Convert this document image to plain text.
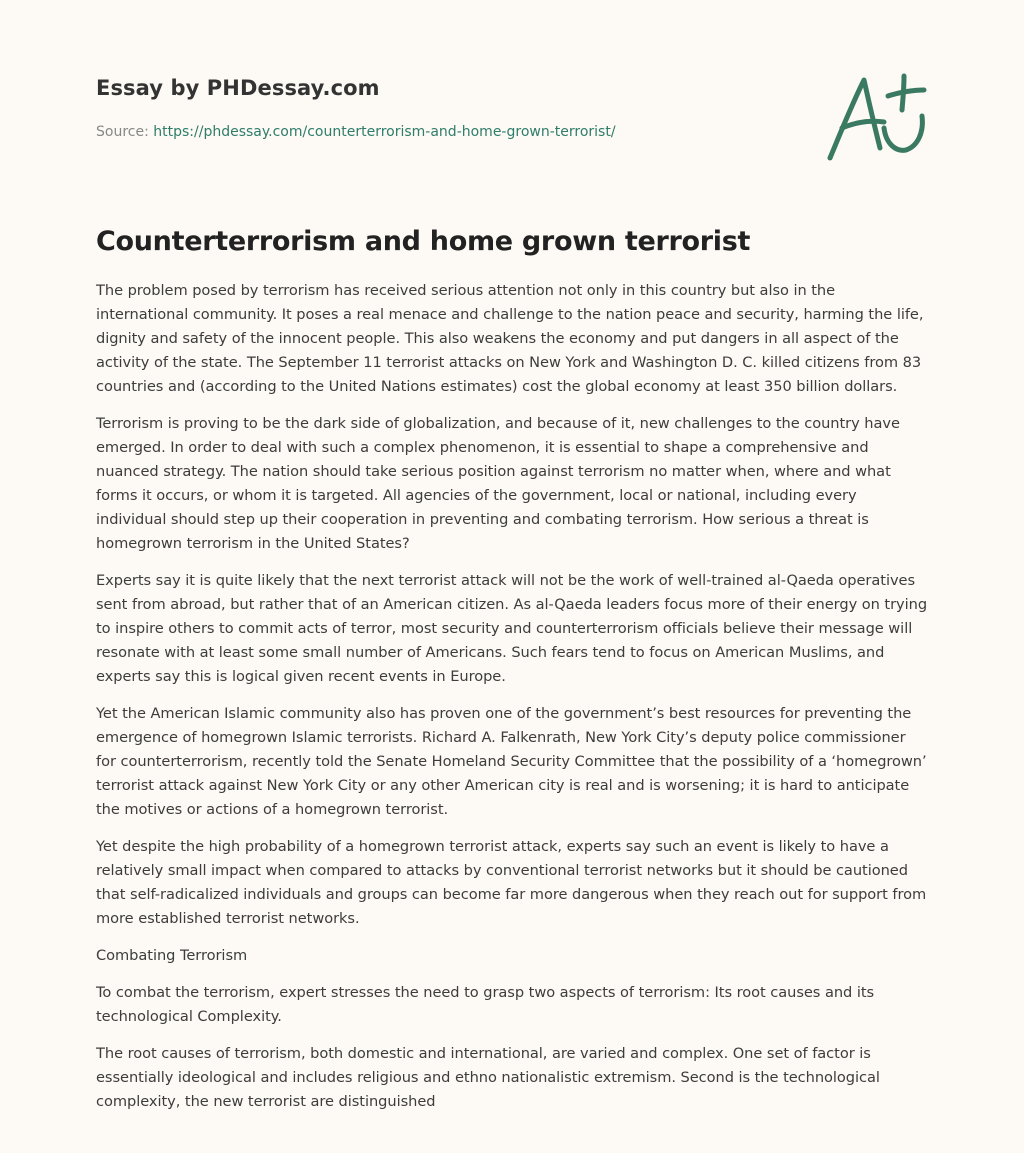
Essay by PHDessay.com
Source: https://phdessay.com/counterterrorism-and-home-grown-terrorist/
Counterterrorism and home grown terrorist

The problem posed by terrorism has received serious attention not only in this country but also in the international community. It poses a real menace and challenge to the nation peace and security, harming the life, dignity and safety of the innocent people. This also weakens the economy and put dangers in all aspect of the activity of the state. The September 11 terrorist attacks on New York and Washington D. C. killed citizens from 83 countries and (according to the United Nations estimates) cost the global economy at least 350 billion dollars.

Terrorism is proving to be the dark side of globalization, and because of it, new challenges to the country have emerged. In order to deal with such a complex phenomenon, it is essential to shape a comprehensive and nuanced strategy. The nation should take serious position against terrorism no matter when, where and what forms it occurs, or whom it is targeted. All agencies of the government, local or national, including every individual should step up their cooperation in preventing and combating terrorism. How serious a threat is homegrown terrorism in the United States?

Experts say it is quite likely that the next terrorist attack will not be the work of well-trained al-Qaeda operatives sent from abroad, but rather that of an American citizen. As al-Qaeda leaders focus more of their energy on trying to inspire others to commit acts of terror, most security and counterterrorism officials believe their message will resonate with at least some small number of Americans. Such fears tend to focus on American Muslims, and experts say this is logical given recent events in Europe.

Yet the American Islamic community also has proven one of the government’s best resources for preventing the emergence of homegrown Islamic terrorists. Richard A. Falkenrath, New York City’s deputy police commissioner for counterterrorism, recently told the Senate Homeland Security Committee that the possibility of a ‘homegrown’ terrorist attack against New York City or any other American city is real and is worsening; it is hard to anticipate the motives or actions of a homegrown terrorist.

Yet despite the high probability of a homegrown terrorist attack, experts say such an event is likely to have a relatively small impact when compared to attacks by conventional terrorist networks but it should be cautioned that self-radicalized individuals and groups can become far more dangerous when they reach out for support from more established terrorist networks.

Combating Terrorism

To combat the terrorism, expert stresses the need to grasp two aspects of terrorism: Its root causes and its technological Complexity.

The root causes of terrorism, both domestic and international, are varied and complex. One set of factor is essentially ideological and includes religious and ethno nationalistic extremism. Second is the technological complexity, the new terrorist are distinguished
